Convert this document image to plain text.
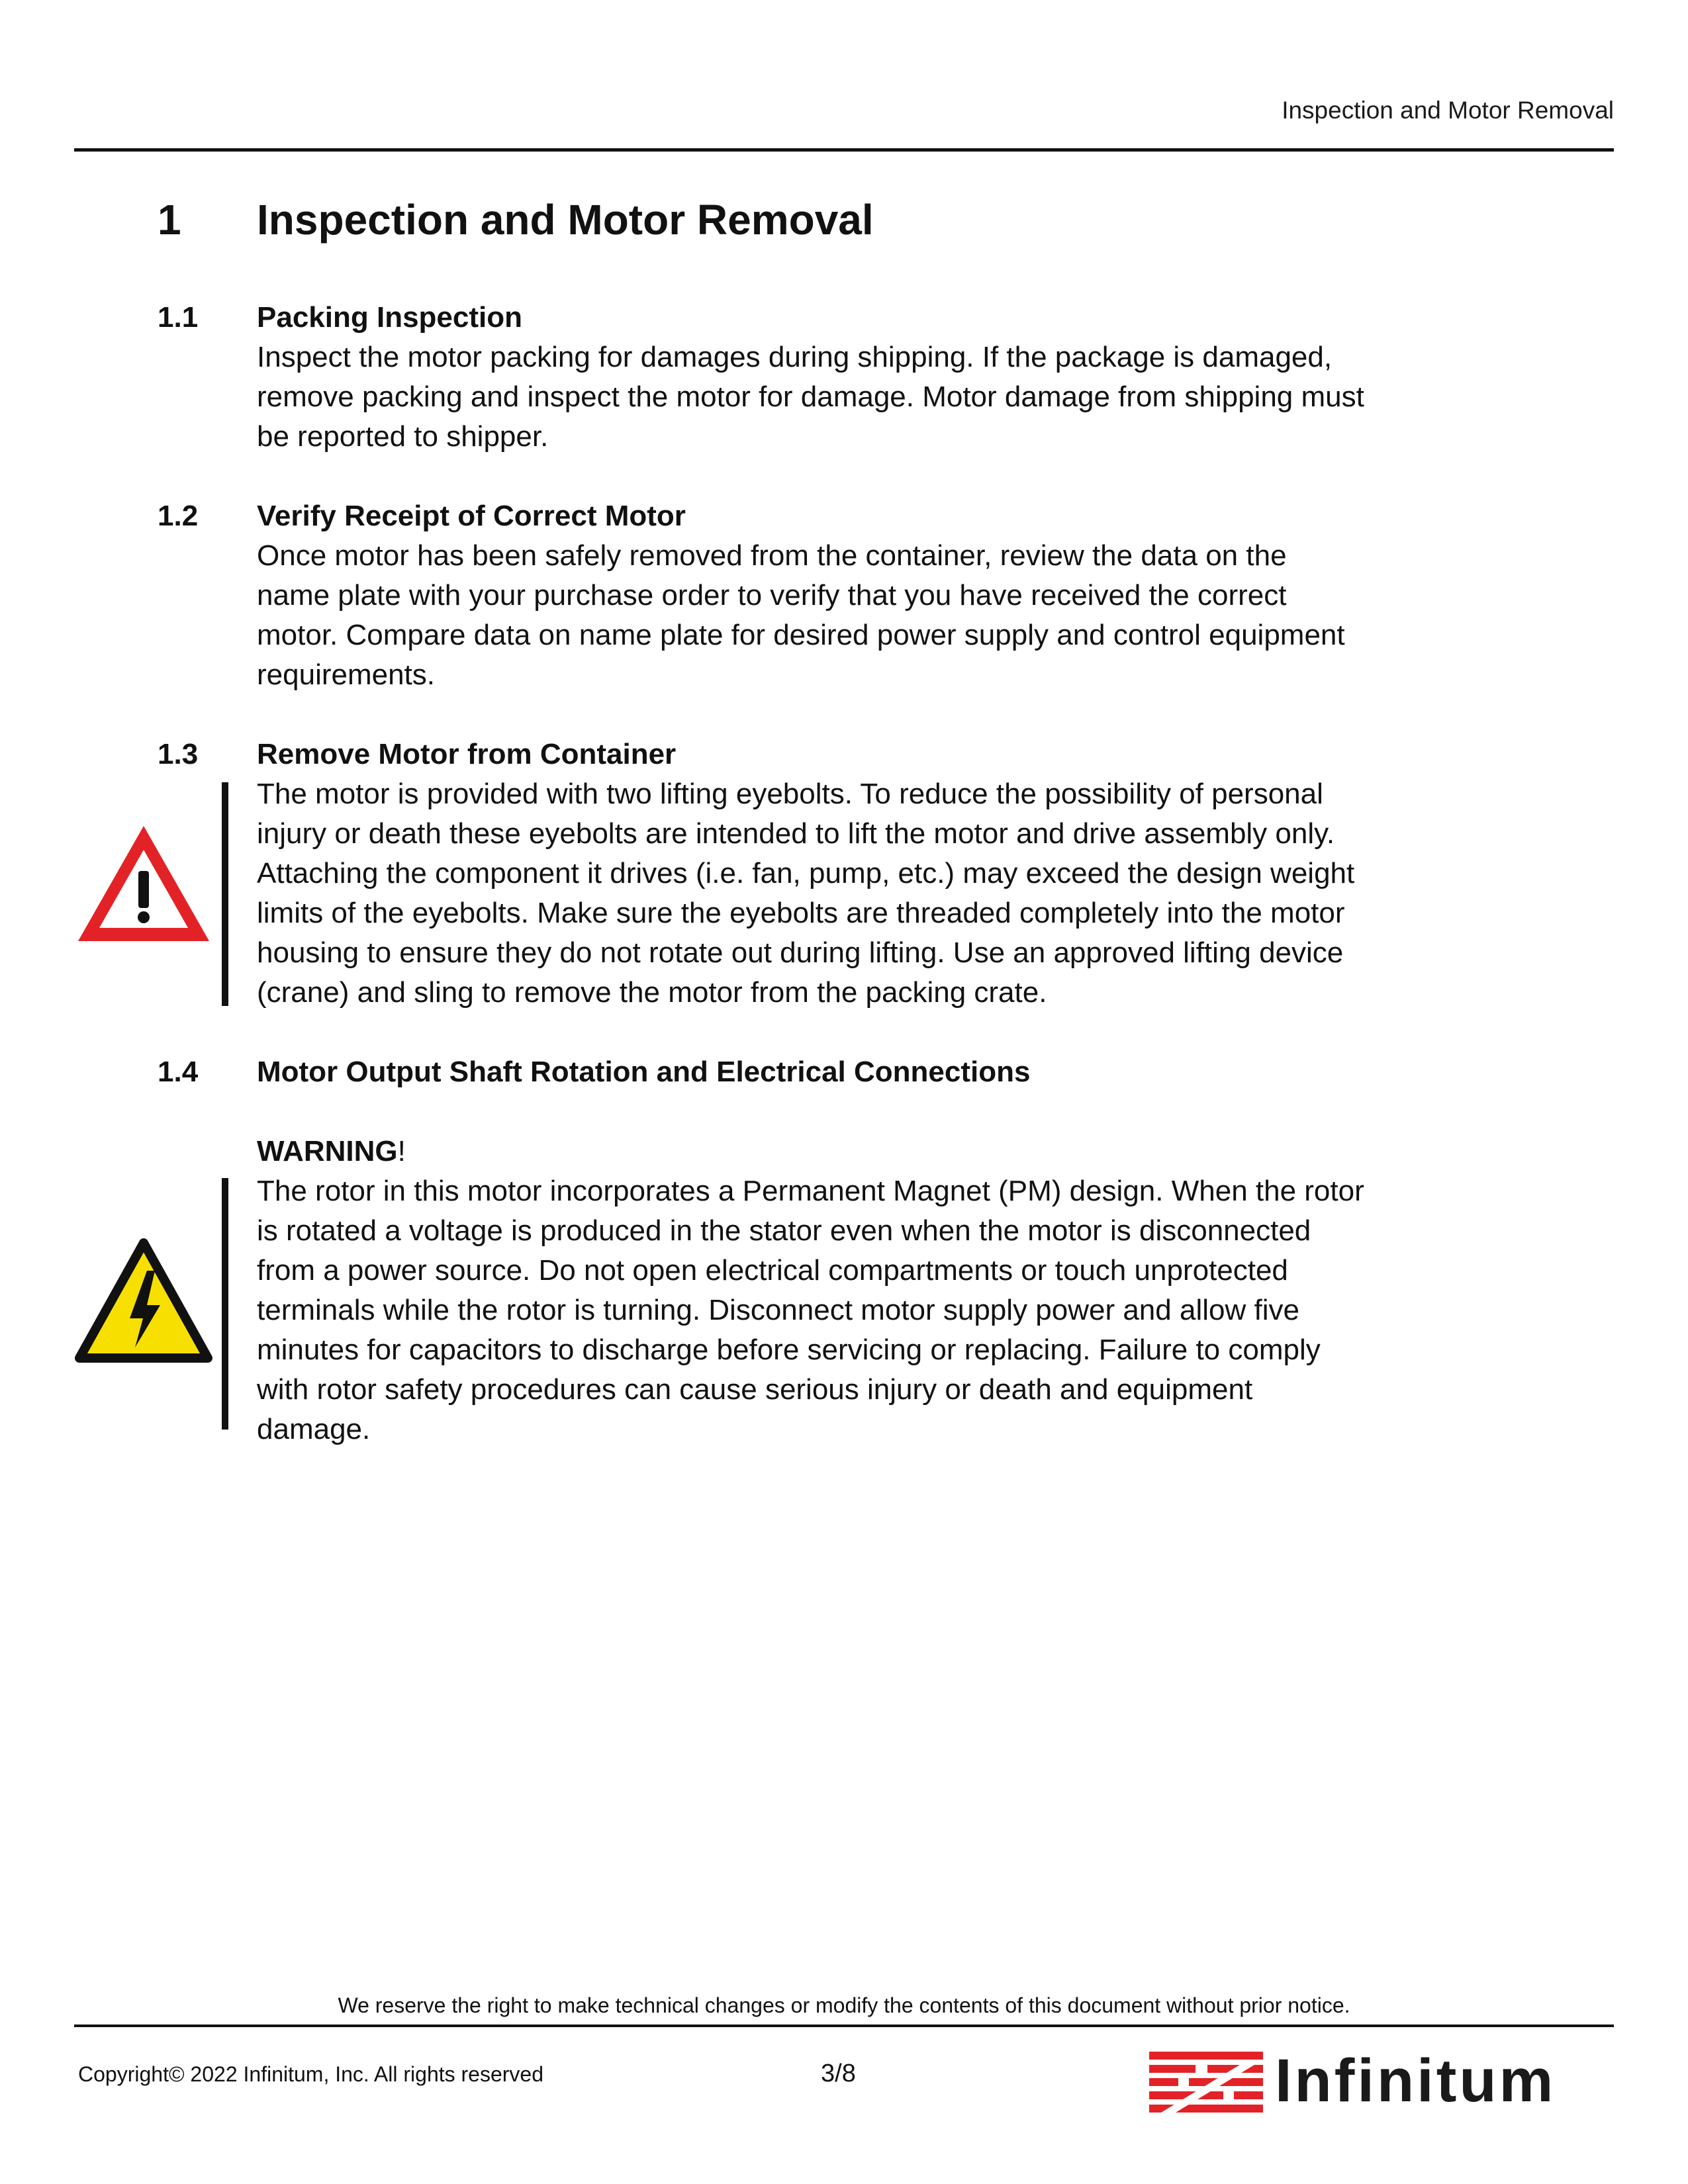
Inspection and Motor Removal
1 Inspection and Motor Removal
1.1 Packing Inspection

Inspect the motor packing for damages during shipping. If the package is damaged,

remove packing and inspect the motor for damage. Motor damage from shipping must

be reported to shipper.

1.2 Verify Receipt of Correct Motor

Once motor has been safely removed from the container, review the data on the

name plate with your purchase order to verify that you have received the correct

motor. Compare data on name plate for desired power supply and control equipment

requirements.

1.3 Remove Motor from Container

The motor is provided with two lifting eyebolts. To reduce the possibility of personal

injury or death these eyebolts are intended to lift the motor and drive assembly only.

Attaching the component it drives (i.e. fan, pump, etc.) may exceed the design weight

limits of the eyebolts. Make sure the eyebolts are threaded completely into the motor

housing to ensure they do not rotate out during lifting. Use an approved lifting device

(crane) and sling to remove the motor from the packing crate.

1.4 Motor Output Shaft Rotation and Electrical Connections

WARNING!

The rotor in this motor incorporates a Permanent Magnet (PM) design. When the rotor

is rotated a voltage is produced in the stator even when the motor is disconnected

from a power source. Do not open electrical compartments or touch unprotected

terminals while the rotor is turning. Disconnect motor supply power and allow five

minutes for capacitors to discharge before servicing or replacing. Failure to comply

with rotor safety procedures can cause serious injury or death and equipment

damage.

We reserve the right to make technical changes or modify the contents of this document without prior notice.
Copyright© 2022 Infinitum, Inc. All rights reserved	3/8	Infinitum
